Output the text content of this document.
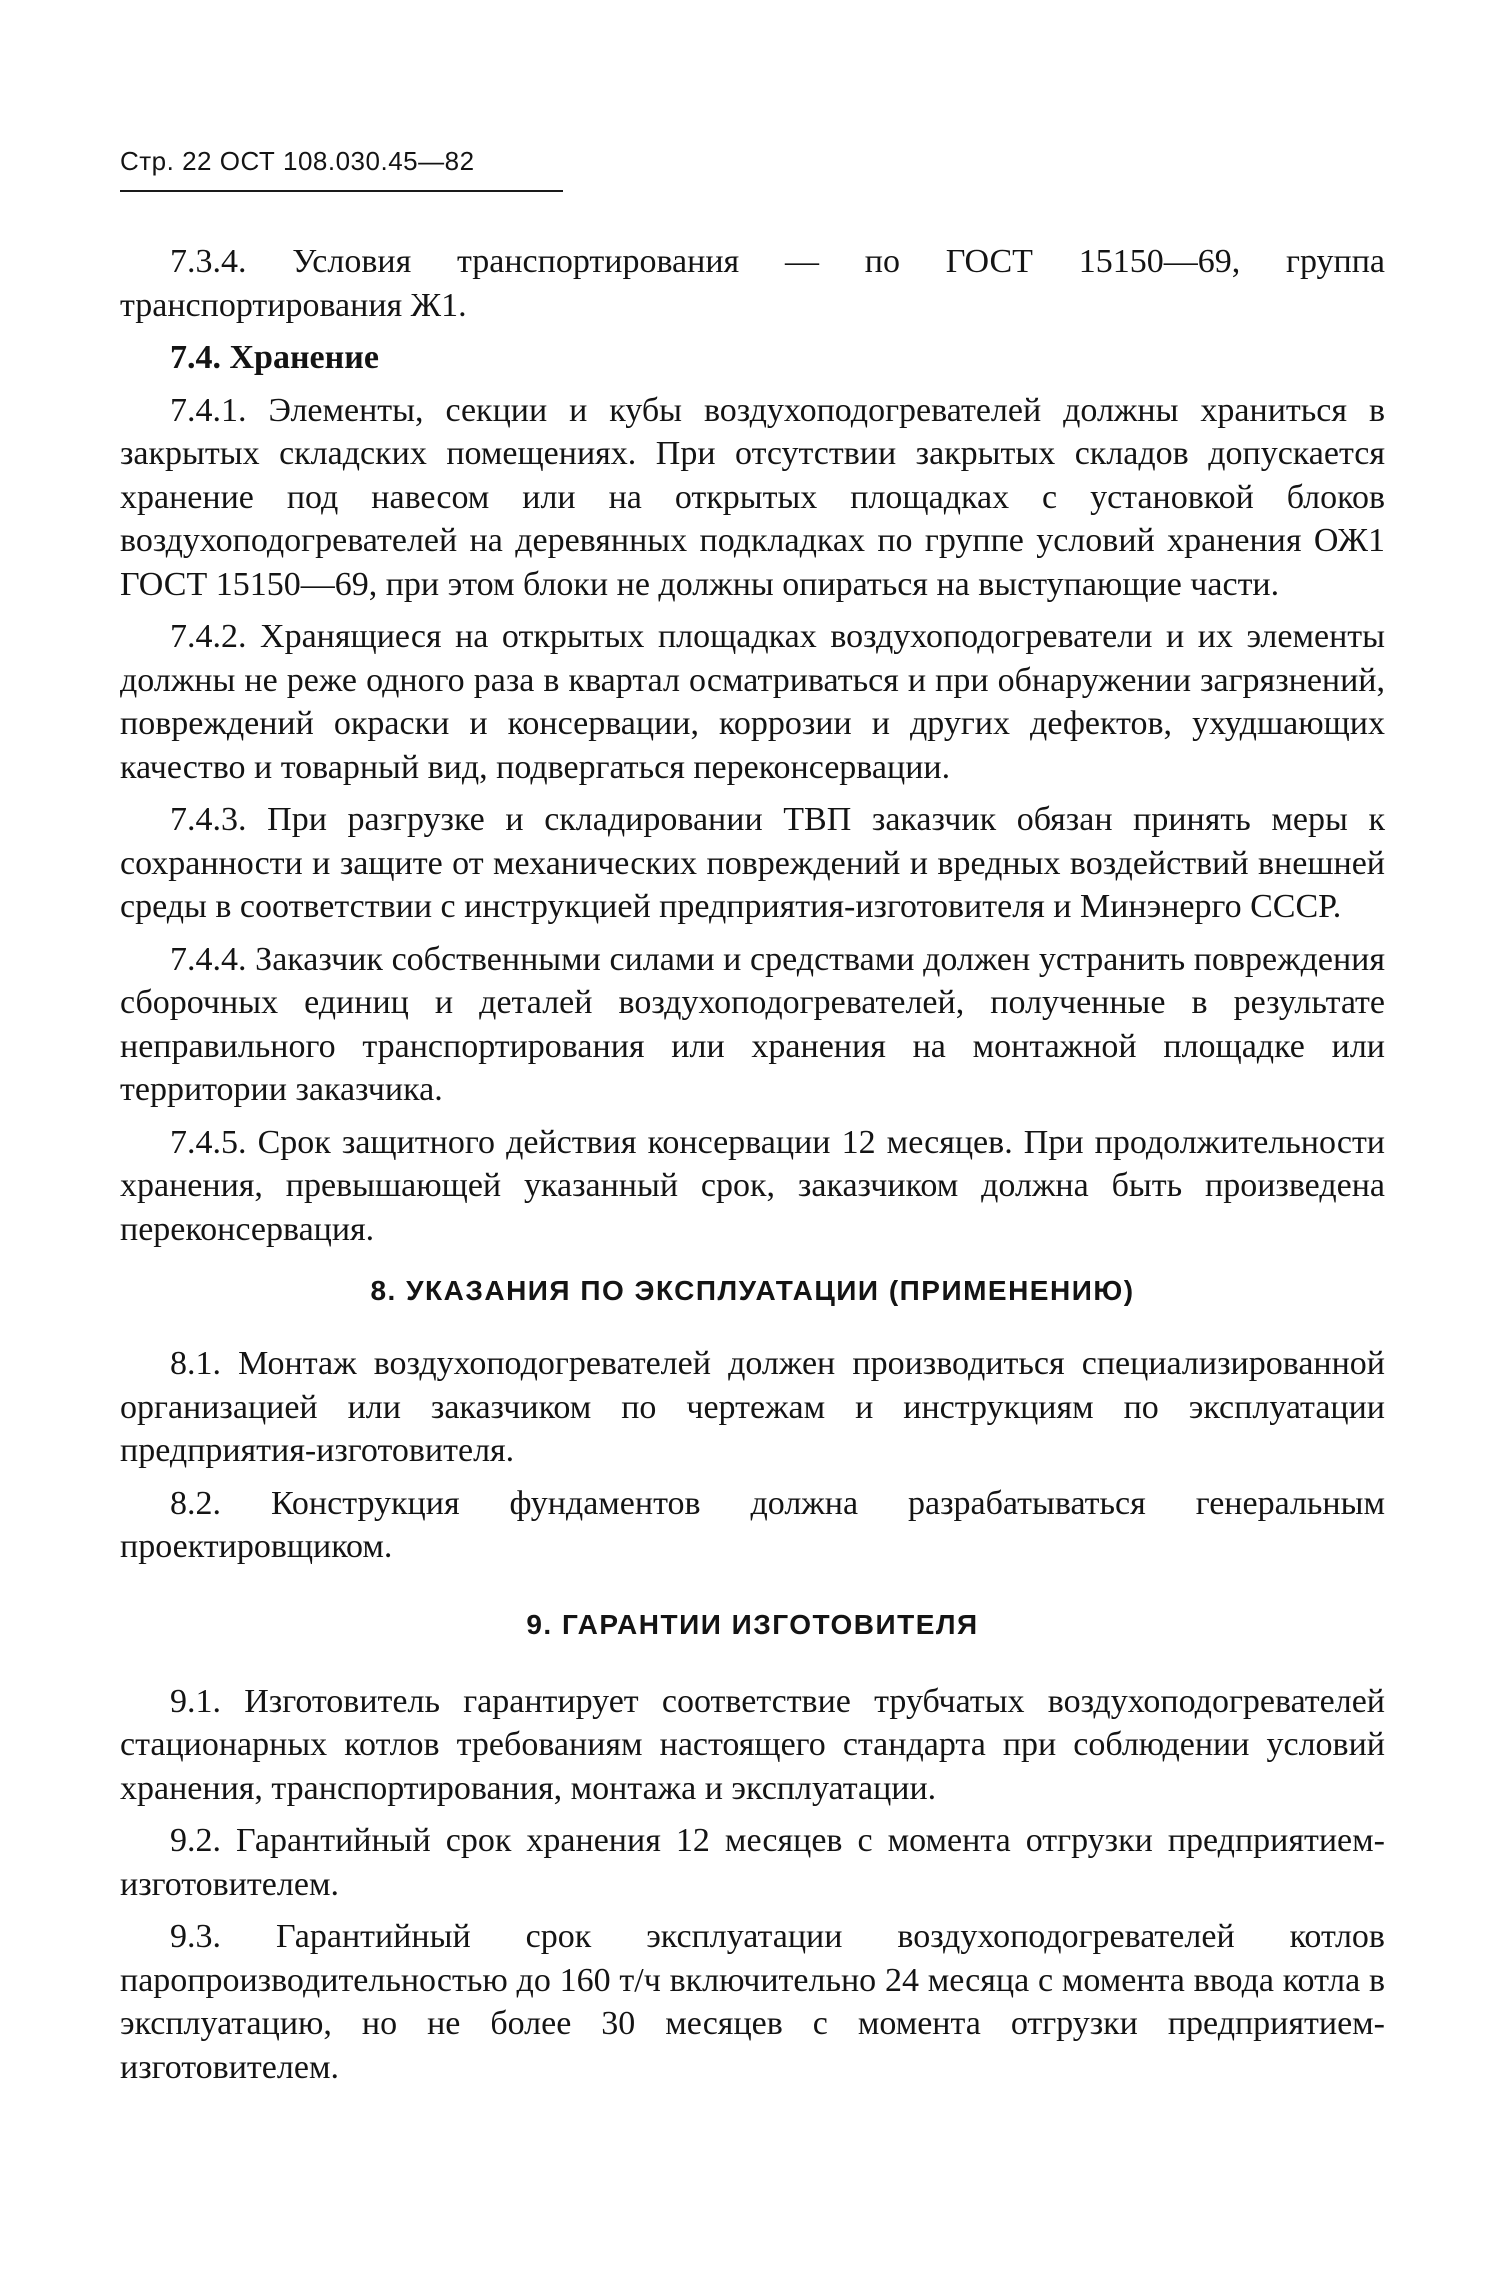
Стр. 22 ОСТ 108.030.45—82

7.3.4. Условия транспортирования — по ГОСТ 15150—69, группа транспортирования Ж1.

7.4. Хранение

7.4.1. Элементы, секции и кубы воздухоподогревателей должны храниться в закрытых складских помещениях. При отсутствии закрытых складов допускается хранение под навесом или на открытых площадках с установкой блоков воздухоподогревателей на деревянных подкладках по группе условий хранения ОЖ1 ГОСТ 15150—69, при этом блоки не должны опираться на выступающие части.

7.4.2. Хранящиеся на открытых площадках воздухоподогреватели и их элементы должны не реже одного раза в квартал осматриваться и при обнаружении загрязнений, повреждений окраски и консервации, коррозии и других дефектов, ухудшающих качество и товарный вид, подвергаться переконсервации.

7.4.3. При разгрузке и складировании ТВП заказчик обязан принять меры к сохранности и защите от механических повреждений и вредных воздействий внешней среды в соответствии с инструкцией предприятия-изготовителя и Минэнерго СССР.

7.4.4. Заказчик собственными силами и средствами должен устранить повреждения сборочных единиц и деталей воздухоподогревателей, полученные в результате неправильного транспортирования или хранения на монтажной площадке или территории заказчика.

7.4.5. Срок защитного действия консервации 12 месяцев. При продолжительности хранения, превышающей указанный срок, заказчиком должна быть произведена переконсервация.

8. УКАЗАНИЯ ПО ЭКСПЛУАТАЦИИ (ПРИМЕНЕНИЮ)

8.1. Монтаж воздухоподогревателей должен производиться специализированной организацией или заказчиком по чертежам и инструкциям по эксплуатации предприятия-изготовителя.

8.2. Конструкция фундаментов должна разрабатываться генеральным проектировщиком.

9. ГАРАНТИИ ИЗГОТОВИТЕЛЯ

9.1. Изготовитель гарантирует соответствие трубчатых воздухоподогревателей стационарных котлов требованиям настоящего стандарта при соблюдении условий хранения, транспортирования, монтажа и эксплуатации.

9.2. Гарантийный срок хранения 12 месяцев с момента отгрузки предприятием-изготовителем.

9.3. Гарантийный срок эксплуатации воздухоподогревателей котлов паропроизводительностью до 160 т/ч включительно 24 месяца с момента ввода котла в эксплуатацию, но не более 30 месяцев с момента отгрузки предприятием-изготовителем.
